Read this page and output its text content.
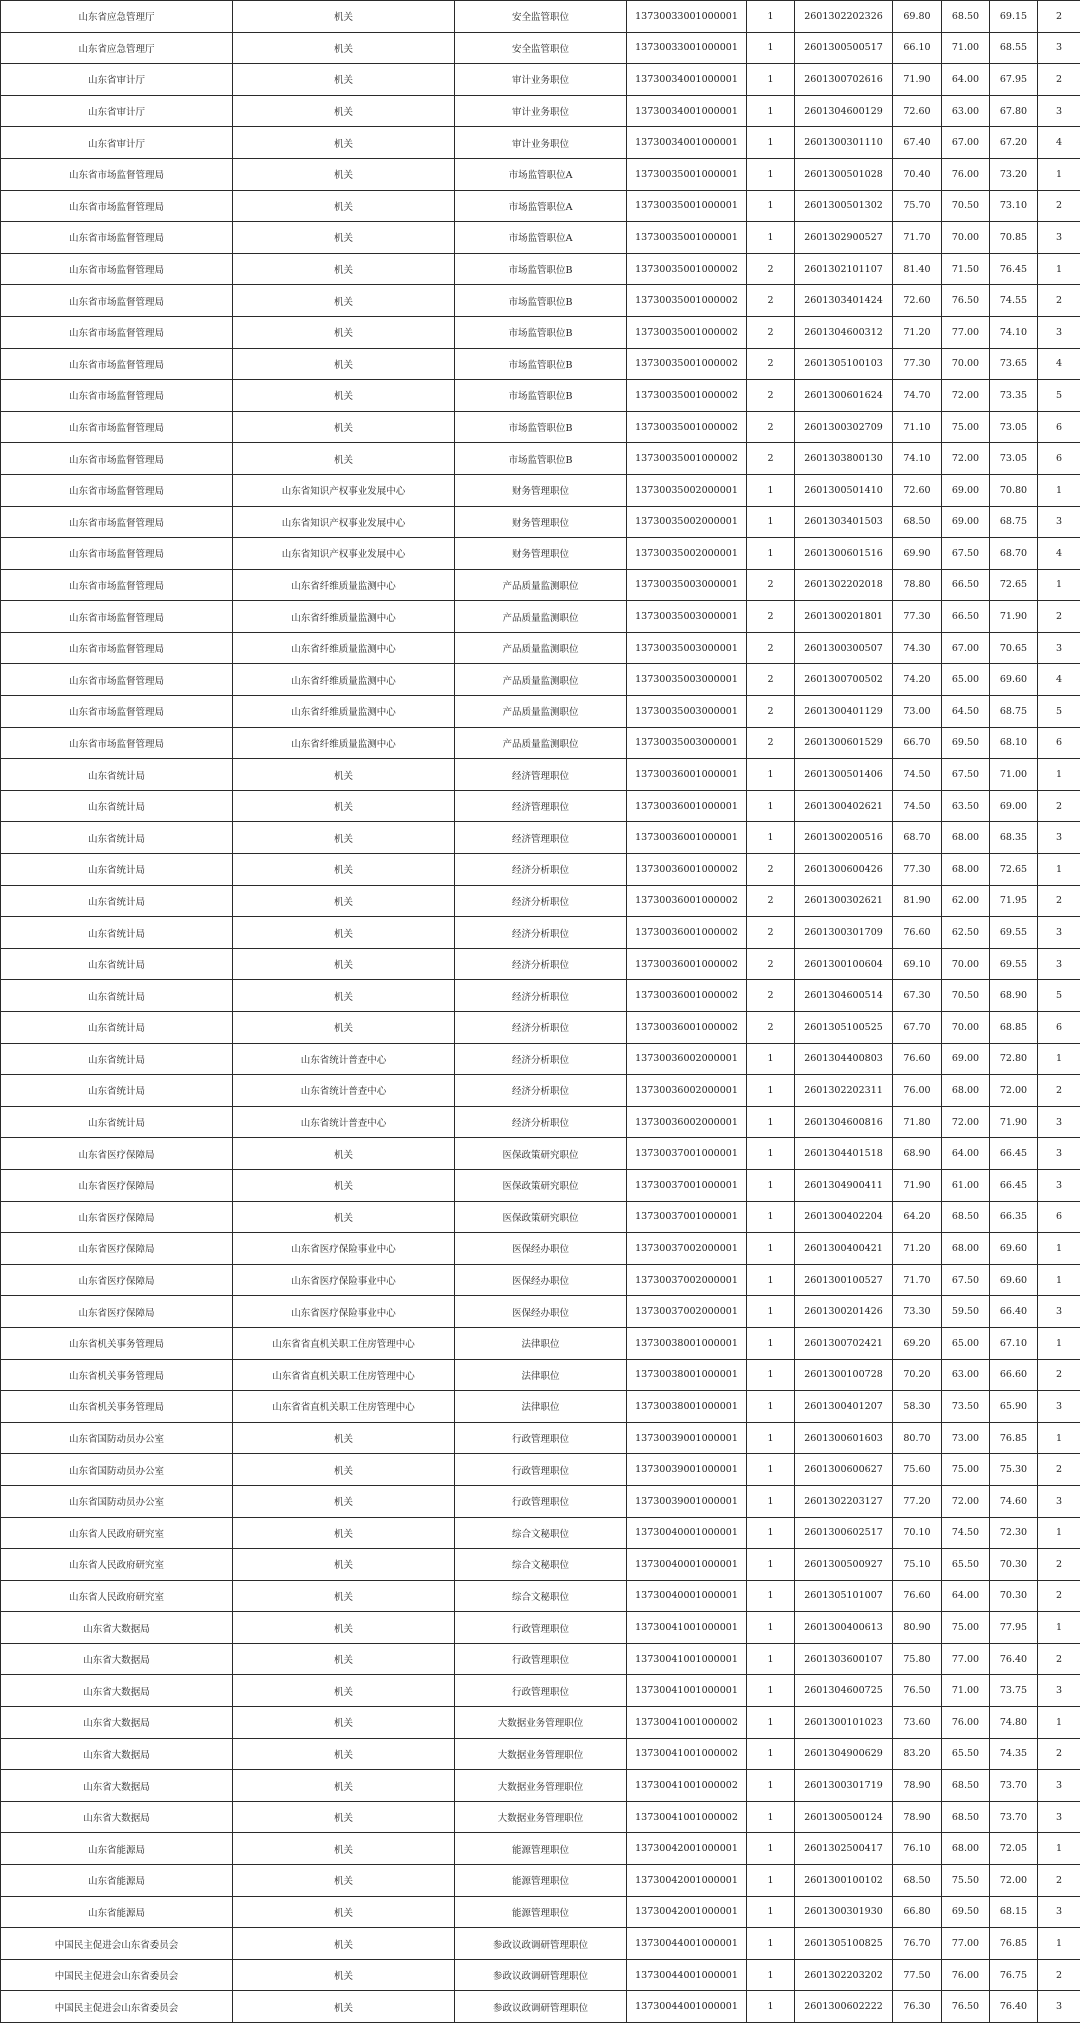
山东省应急管理厅	机关	安全监管职位	13730033001000001	1	2601302202326	69.80	68.50	69.15	2
山东省应急管理厅	机关	安全监管职位	13730033001000001	1	2601300500517	66.10	71.00	68.55	3
山东省审计厅	机关	审计业务职位	13730034001000001	1	2601300702616	71.90	64.00	67.95	2
山东省审计厅	机关	审计业务职位	13730034001000001	1	2601304600129	72.60	63.00	67.80	3
山东省审计厅	机关	审计业务职位	13730034001000001	1	2601300301110	67.40	67.00	67.20	4
山东省市场监督管理局	机关	市场监管职位A	13730035001000001	1	2601300501028	70.40	76.00	73.20	1
山东省市场监督管理局	机关	市场监管职位A	13730035001000001	1	2601300501302	75.70	70.50	73.10	2
山东省市场监督管理局	机关	市场监管职位A	13730035001000001	1	2601302900527	71.70	70.00	70.85	3
山东省市场监督管理局	机关	市场监管职位B	13730035001000002	2	2601302101107	81.40	71.50	76.45	1
山东省市场监督管理局	机关	市场监管职位B	13730035001000002	2	2601303401424	72.60	76.50	74.55	2
山东省市场监督管理局	机关	市场监管职位B	13730035001000002	2	2601304600312	71.20	77.00	74.10	3
山东省市场监督管理局	机关	市场监管职位B	13730035001000002	2	2601305100103	77.30	70.00	73.65	4
山东省市场监督管理局	机关	市场监管职位B	13730035001000002	2	2601300601624	74.70	72.00	73.35	5
山东省市场监督管理局	机关	市场监管职位B	13730035001000002	2	2601300302709	71.10	75.00	73.05	6
山东省市场监督管理局	机关	市场监管职位B	13730035001000002	2	2601303800130	74.10	72.00	73.05	6
山东省市场监督管理局	山东省知识产权事业发展中心	财务管理职位	13730035002000001	1	2601300501410	72.60	69.00	70.80	1
山东省市场监督管理局	山东省知识产权事业发展中心	财务管理职位	13730035002000001	1	2601303401503	68.50	69.00	68.75	3
山东省市场监督管理局	山东省知识产权事业发展中心	财务管理职位	13730035002000001	1	2601300601516	69.90	67.50	68.70	4
山东省市场监督管理局	山东省纤维质量监测中心	产品质量监测职位	13730035003000001	2	2601302202018	78.80	66.50	72.65	1
山东省市场监督管理局	山东省纤维质量监测中心	产品质量监测职位	13730035003000001	2	2601300201801	77.30	66.50	71.90	2
山东省市场监督管理局	山东省纤维质量监测中心	产品质量监测职位	13730035003000001	2	2601300300507	74.30	67.00	70.65	3
山东省市场监督管理局	山东省纤维质量监测中心	产品质量监测职位	13730035003000001	2	2601300700502	74.20	65.00	69.60	4
山东省市场监督管理局	山东省纤维质量监测中心	产品质量监测职位	13730035003000001	2	2601300401129	73.00	64.50	68.75	5
山东省市场监督管理局	山东省纤维质量监测中心	产品质量监测职位	13730035003000001	2	2601300601529	66.70	69.50	68.10	6
山东省统计局	机关	经济管理职位	13730036001000001	1	2601300501406	74.50	67.50	71.00	1
山东省统计局	机关	经济管理职位	13730036001000001	1	2601300402621	74.50	63.50	69.00	2
山东省统计局	机关	经济管理职位	13730036001000001	1	2601300200516	68.70	68.00	68.35	3
山东省统计局	机关	经济分析职位	13730036001000002	2	2601300600426	77.30	68.00	72.65	1
山东省统计局	机关	经济分析职位	13730036001000002	2	2601300302621	81.90	62.00	71.95	2
山东省统计局	机关	经济分析职位	13730036001000002	2	2601300301709	76.60	62.50	69.55	3
山东省统计局	机关	经济分析职位	13730036001000002	2	2601300100604	69.10	70.00	69.55	3
山东省统计局	机关	经济分析职位	13730036001000002	2	2601304600514	67.30	70.50	68.90	5
山东省统计局	机关	经济分析职位	13730036001000002	2	2601305100525	67.70	70.00	68.85	6
山东省统计局	山东省统计普查中心	经济分析职位	13730036002000001	1	2601304400803	76.60	69.00	72.80	1
山东省统计局	山东省统计普查中心	经济分析职位	13730036002000001	1	2601302202311	76.00	68.00	72.00	2
山东省统计局	山东省统计普查中心	经济分析职位	13730036002000001	1	2601304600816	71.80	72.00	71.90	3
山东省医疗保障局	机关	医保政策研究职位	13730037001000001	1	2601304401518	68.90	64.00	66.45	3
山东省医疗保障局	机关	医保政策研究职位	13730037001000001	1	2601304900411	71.90	61.00	66.45	3
山东省医疗保障局	机关	医保政策研究职位	13730037001000001	1	2601300402204	64.20	68.50	66.35	6
山东省医疗保障局	山东省医疗保险事业中心	医保经办职位	13730037002000001	1	2601300400421	71.20	68.00	69.60	1
山东省医疗保障局	山东省医疗保险事业中心	医保经办职位	13730037002000001	1	2601300100527	71.70	67.50	69.60	1
山东省医疗保障局	山东省医疗保险事业中心	医保经办职位	13730037002000001	1	2601300201426	73.30	59.50	66.40	3
山东省机关事务管理局	山东省省直机关职工住房管理中心	法律职位	13730038001000001	1	2601300702421	69.20	65.00	67.10	1
山东省机关事务管理局	山东省省直机关职工住房管理中心	法律职位	13730038001000001	1	2601300100728	70.20	63.00	66.60	2
山东省机关事务管理局	山东省省直机关职工住房管理中心	法律职位	13730038001000001	1	2601300401207	58.30	73.50	65.90	3
山东省国防动员办公室	机关	行政管理职位	13730039001000001	1	2601300601603	80.70	73.00	76.85	1
山东省国防动员办公室	机关	行政管理职位	13730039001000001	1	2601300600627	75.60	75.00	75.30	2
山东省国防动员办公室	机关	行政管理职位	13730039001000001	1	2601302203127	77.20	72.00	74.60	3
山东省人民政府研究室	机关	综合文秘职位	13730040001000001	1	2601300602517	70.10	74.50	72.30	1
山东省人民政府研究室	机关	综合文秘职位	13730040001000001	1	2601300500927	75.10	65.50	70.30	2
山东省人民政府研究室	机关	综合文秘职位	13730040001000001	1	2601305101007	76.60	64.00	70.30	2
山东省大数据局	机关	行政管理职位	13730041001000001	1	2601300400613	80.90	75.00	77.95	1
山东省大数据局	机关	行政管理职位	13730041001000001	1	2601303600107	75.80	77.00	76.40	2
山东省大数据局	机关	行政管理职位	13730041001000001	1	2601304600725	76.50	71.00	73.75	3
山东省大数据局	机关	大数据业务管理职位	13730041001000002	1	2601300101023	73.60	76.00	74.80	1
山东省大数据局	机关	大数据业务管理职位	13730041001000002	1	2601304900629	83.20	65.50	74.35	2
山东省大数据局	机关	大数据业务管理职位	13730041001000002	1	2601300301719	78.90	68.50	73.70	3
山东省大数据局	机关	大数据业务管理职位	13730041001000002	1	2601300500124	78.90	68.50	73.70	3
山东省能源局	机关	能源管理职位	13730042001000001	1	2601302500417	76.10	68.00	72.05	1
山东省能源局	机关	能源管理职位	13730042001000001	1	2601300100102	68.50	75.50	72.00	2
山东省能源局	机关	能源管理职位	13730042001000001	1	2601300301930	66.80	69.50	68.15	3
中国民主促进会山东省委员会	机关	参政议政调研管理职位	13730044001000001	1	2601305100825	76.70	77.00	76.85	1
中国民主促进会山东省委员会	机关	参政议政调研管理职位	13730044001000001	1	2601302203202	77.50	76.00	76.75	2
中国民主促进会山东省委员会	机关	参政议政调研管理职位	13730044001000001	1	2601300602222	76.30	76.50	76.40	3
